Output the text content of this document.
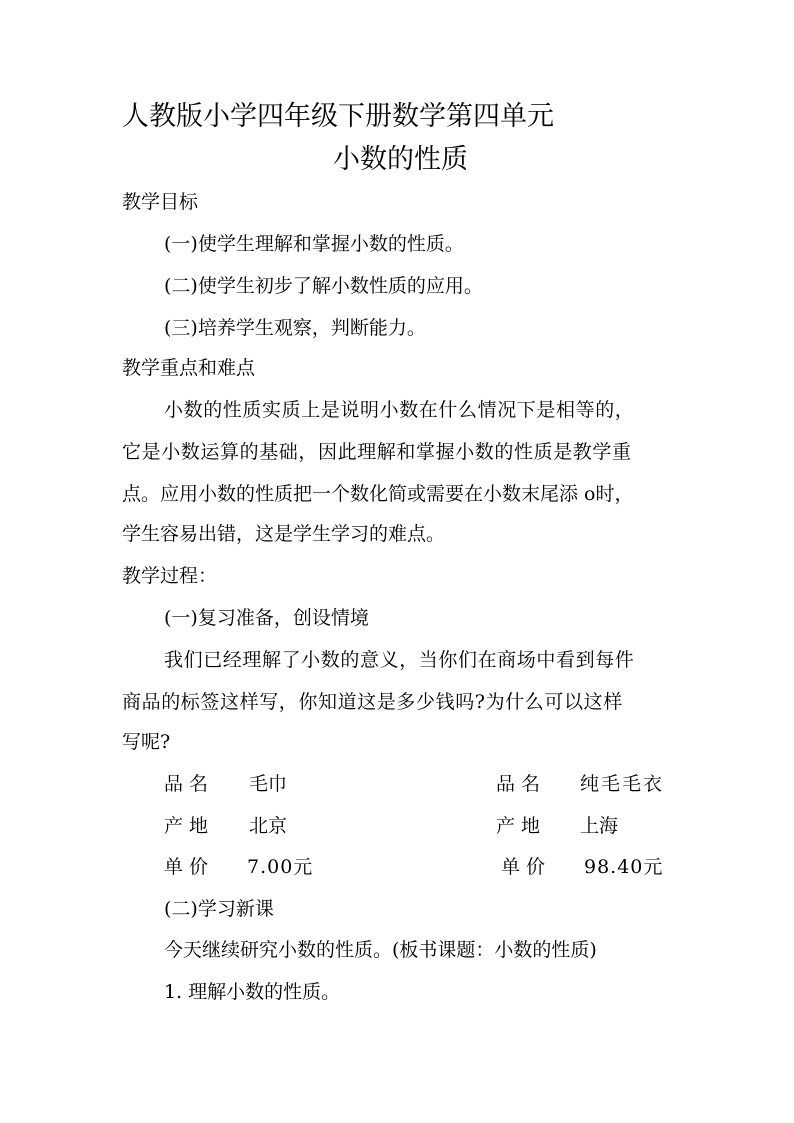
人教版小学四年级下册数学第四单元
小数的性质
教学目标
(一)使学生理解和掌握小数的性质。
(二)使学生初步了解小数性质的应用。
(三)培养学生观察，判断能力。
教学重点和难点
小数的性质实质上是说明小数在什么情况下是相等的，
它是小数运算的基础，因此理解和掌握小数的性质是教学重
点。应用小数的性质把一个数化简或需要在小数末尾添 o时，
学生容易出错，这是学生学习的难点。
教学过程：
(一)复习准备，创设情境
我们已经理解了小数的意义，当你们在商场中看到每件
商品的标签这样写，你知道这是多少钱吗?为什么可以这样
写呢?
品名 毛巾	品名 纯毛毛衣
产地 北京	产地 上海
单价 7.00元	单价 98.40元
(二)学习新课
今天继续研究小数的性质。(板书课题：小数的性质)
1. 理解小数的性质。
